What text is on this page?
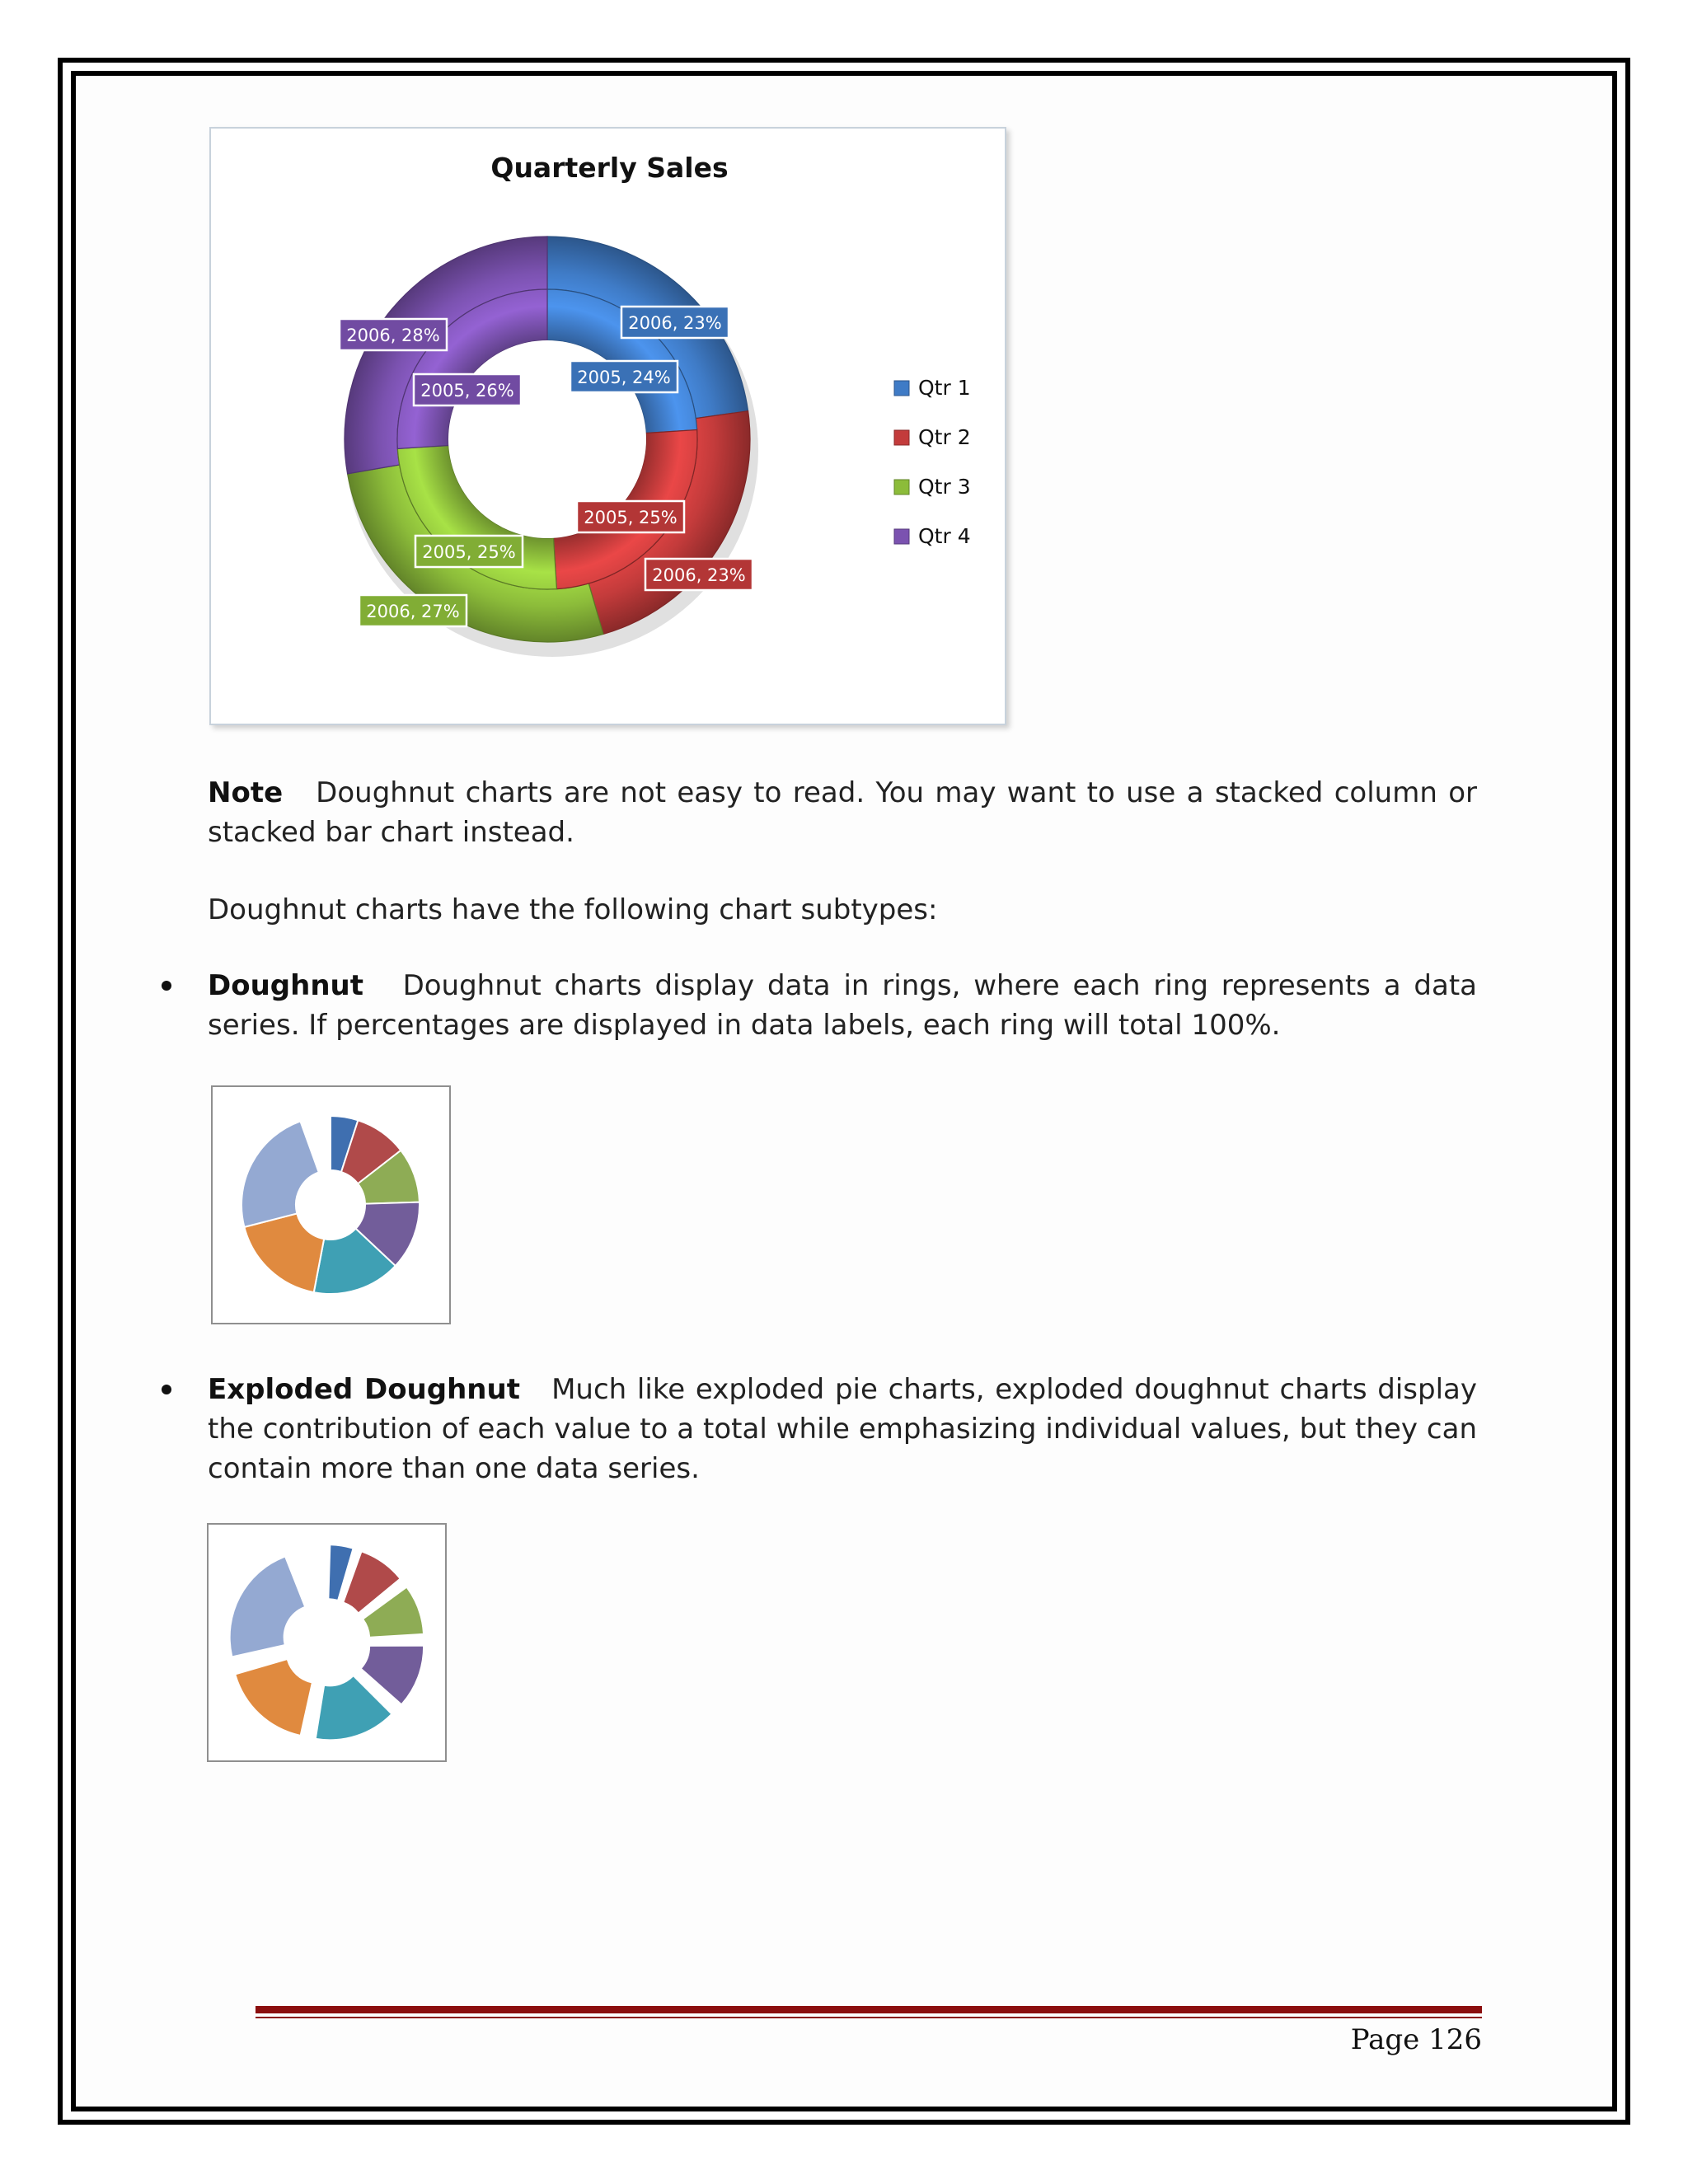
Quarterly Sales
2006, 23%
2005, 24%
2005, 25%
2006, 23%
2005, 25%
2006, 27%
2006, 28%
2005, 26%	Qtr 1
Qtr 2
Qtr 3
Qtr 4

Note Doughnut charts are not easy to read. You may want to use a stacked column or stacked bar chart instead.

Doughnut charts have the following chart subtypes:

Doughnut Doughnut charts display data in rings, where each ring represents a data series. If percentages are displayed in data labels, each ring will total 100%.

Exploded Doughnut Much like exploded pie charts, exploded doughnut charts display the contribution of each value to a total while emphasizing individual values, but they can contain more than one data series.

Page 126
